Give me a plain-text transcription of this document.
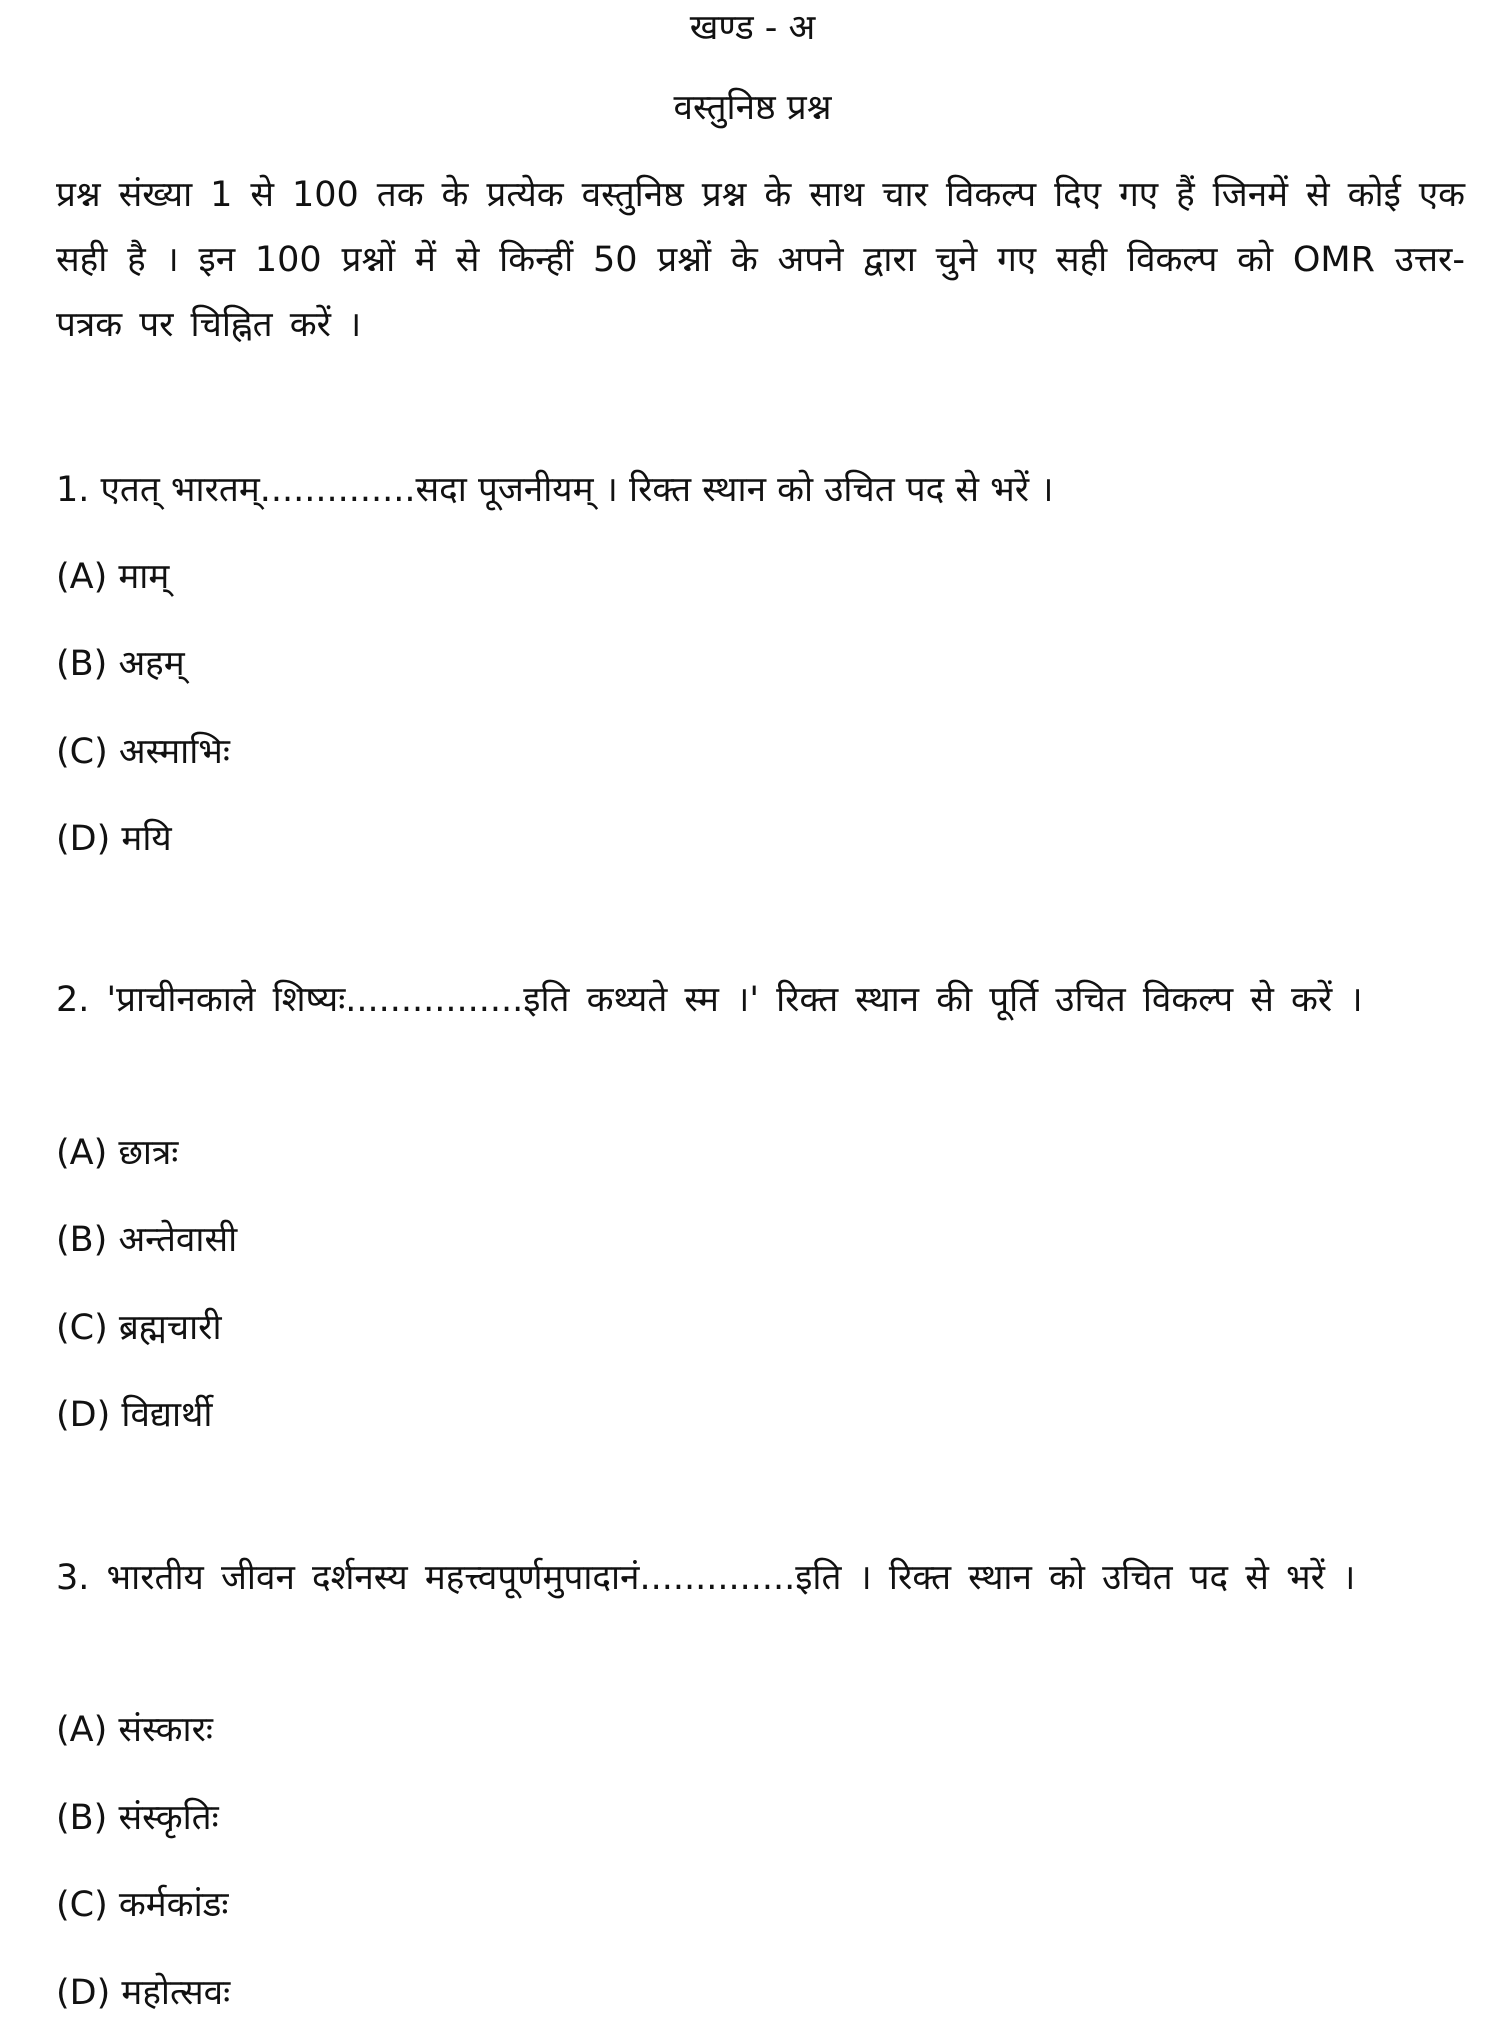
खण्ड - अ
वस्तुनिष्ठ प्रश्न
प्रश्न संख्या 1 से 100 तक के प्रत्येक वस्तुनिष्ठ प्रश्न के साथ चार विकल्प दिए गए हैं जिनमें से कोई एक सही है । इन 100 प्रश्नों में से किन्हीं 50 प्रश्नों के अपने द्वारा चुने गए सही विकल्प को OMR उत्तर-पत्रक पर चिह्नित करें ।
1. एतत् भारतम्..............सदा पूजनीयम् । रिक्त स्थान को उचित पद से भरें ।
(A) माम्
(B) अहम्
(C) अस्माभिः
(D) मयि
2. 'प्राचीनकाले शिष्यः................इति कथ्यते स्म ।' रिक्त स्थान की पूर्ति उचित विकल्प से करें ।
(A) छात्रः
(B) अन्तेवासी
(C) ब्रह्मचारी
(D) विद्यार्थी
3. भारतीय जीवन दर्शनस्य महत्त्वपूर्णमुपादानं..............इति । रिक्त स्थान को उचित पद से भरें ।
(A) संस्कारः
(B) संस्कृतिः
(C) कर्मकांडः
(D) महोत्सवः
